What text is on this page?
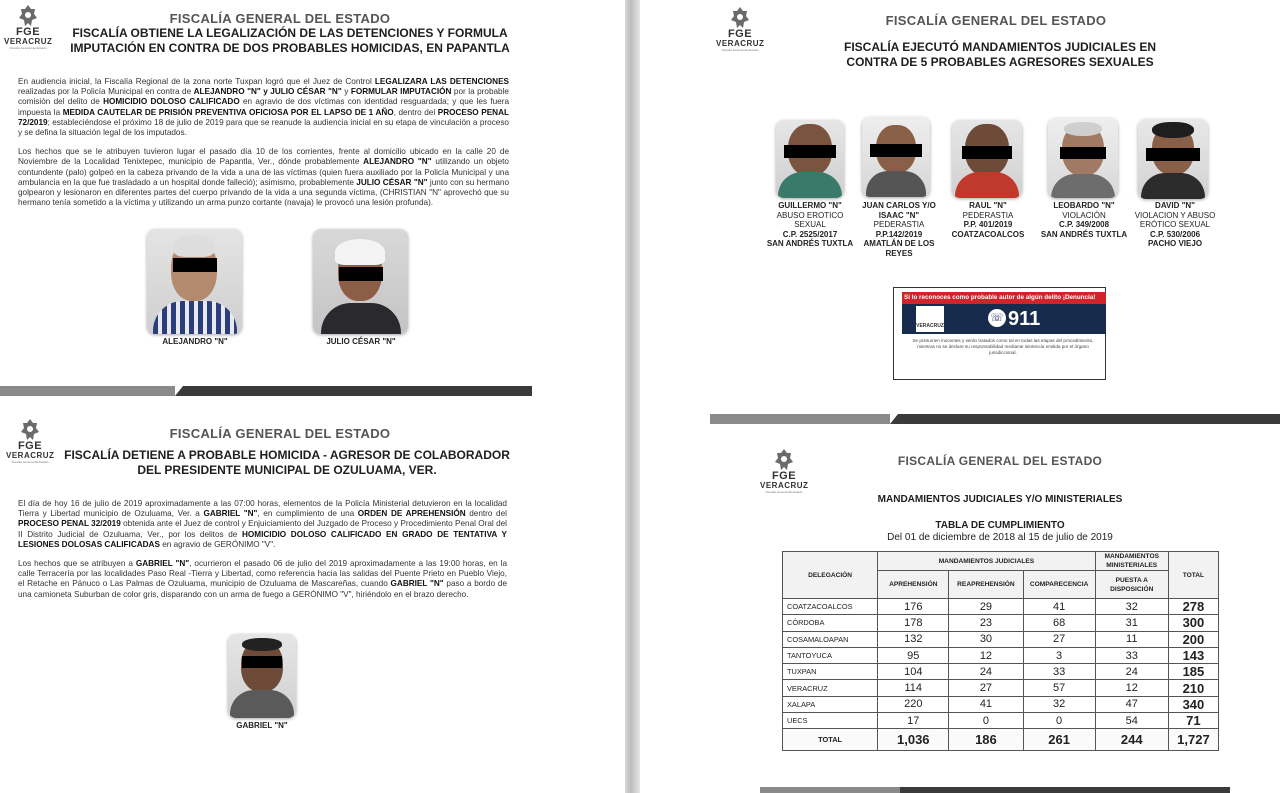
FGE
VERACRUZ
Fiscalía General del Estado
FISCALÍA GENERAL DEL ESTADO
FISCALÍA OBTIENE LA LEGALIZACIÓN DE LAS DETENCIONES Y FORMULA IMPUTACIÓN EN CONTRA DE DOS PROBABLES HOMICIDAS, EN PAPANTLA

En audiencia inicial, la Fiscalía Regional de la zona norte Tuxpan logró que el Juez de Control LEGALIZARA LAS DETENCIONES realizadas por la Policía Municipal en contra de ALEJANDRO "N" y JULIO CÉSAR "N" y FORMULAR IMPUTACIÓN por la probable comisión del delito de HOMICIDIO DOLOSO CALIFICADO en agravio de dos víctimas con identidad resguardada; y que les fuera impuesta la MEDIDA CAUTELAR DE PRISIÓN PREVENTIVA OFICIOSA POR EL LAPSO DE 1 AÑO, dentro del PROCESO PENAL 72/2019; estableciéndose el próximo 18 de julio de 2019 para que se reanude la audiencia inicial en su etapa de vinculación a proceso y se defina la situación legal de los imputados.

Los hechos que se le atribuyen tuvieron lugar el pasado día 10 de los corrientes, frente al domicilio ubicado en la calle 20 de Noviembre de la Localidad Tenixtepec, municipio de Papantla, Ver., dónde probablemente ALEJANDRO "N" utilizando un objeto contundente (palo) golpeó en la cabeza privando de la vida a una de las víctimas (quien fuera auxiliado por la Policía Municipal y una ambulancia en la que fue trasladado a un hospital donde falleció); asimismo, probablemente JULIO CÉSAR "N" junto con su hermano golpearon y lesionaron en diferentes partes del cuerpo privando de la vida a una segunda víctima, (CHRISTIAN "N" aprovechó que su hermano tenía sometido a la víctima y utilizando un arma punzo cortante (navaja) le provocó una lesión profunda).

ALEJANDRO "N"	JULIO CÉSAR "N"
FGE
VERACRUZ
Fiscalía General del Estado
FISCALÍA GENERAL DEL ESTADO
FISCALÍA EJECUTÓ MANDAMIENTOS JUDICIALES EN CONTRA DE 5 PROBABLES AGRESORES SEXUALES
GUILLERMO "N"
ABUSO EROTICO SEXUAL
C.P. 2525/2017
SAN ANDRÉS TUXTLA
JUAN CARLOS Y/O ISAAC "N"
PEDERASTIA
P.P.142/2019
AMATLÁN DE LOS REYES
RAUL "N"
PEDERASTIA
P.P. 401/2019
COATZACOALCOS
LEOBARDO "N"
VIOLACIÓN
C.P. 349/2008
SAN ANDRÉS TUXTLA
DAVID "N"
VIOLACION Y ABUSO ERÓTICO SEXUAL
C.P. 530/2006
PACHO VIEJO
Si lo reconoces como probable autor de algún delito ¡Denuncia!
VERACRUZ
☏ 911
Se presumen inocentes y serán tratados como tal en todas las etapas del procedimiento, mientras no se declare su responsabilidad mediante sentencia emitida por el órgano jurisdiccional.
FGE
VERACRUZ
Fiscalía General del Estado
FISCALÍA GENERAL DEL ESTADO
FISCALÍA DETIENE A PROBABLE HOMICIDA - AGRESOR DE COLABORADOR DEL PRESIDENTE MUNICIPAL DE OZULUAMA, VER.

El día de hoy 16 de julio de 2019 aproximadamente a las 07:00 horas, elementos de la Policía Ministerial detuvieron en la localidad Tierra y Libertad municipio de Ozuluama, Ver. a GABRIEL "N", en cumplimiento de una ORDEN DE APREHENSIÓN dentro del PROCESO PENAL 32/2019 obtenida ante el Juez de control y Enjuiciamiento del Juzgado de Proceso y Procedimiento Penal Oral del II Distrito Judicial de Ozuluama, Ver., por los delitos de HOMICIDIO DOLOSO CALIFICADO EN GRADO DE TENTATIVA Y LESIONES DOLOSAS CALIFICADAS en agravio de GERÓNIMO "V".

Los hechos que se atribuyen a GABRIEL "N", ocurrieron el pasado 06 de julio del 2019 aproximadamente a las 19:00 horas, en la calle Terracería por las localidades Paso Real -Tierra y Libertad, como referencia hacia las salidas del Puente Prieto en Pueblo Viejo, el Retache en Pánuco o Las Palmas de Ozuluama, municipio de Ozuluama de Mascareñas, cuando GABRIEL "N" paso a bordo de una camioneta Suburban de color gris, disparando con un arma de fuego a GERÓNIMO "V", hiriéndolo en el brazo derecho.

GABRIEL "N"
FGE
VERACRUZ
Fiscalía General del Estado
FISCALÍA GENERAL DEL ESTADO
MANDAMIENTOS JUDICIALES Y/O MINISTERIALES
TABLA DE CUMPLIMIENTO
Del 01 de diciembre de 2018 al 15 de julio de 2019
DELEGACIÓN	MANDAMIENTOS JUDICIALES			MANDAMIENTOS MINISTERIALES	TOTAL
	APREHENSIÓN	REAPREHENSIÓN	COMPARECENCIA	PUESTA A DISPOSICIÓN	
COATZACOALCOS	176	29	41	32	278
CÓRDOBA	178	23	68	31	300
COSAMALOAPAN	132	30	27	11	200
TANTOYUCA	95	12	3	33	143
TUXPAN	104	24	33	24	185
VERACRUZ	114	27	57	12	210
XALAPA	220	41	32	47	340
UECS	17	0	0	54	71
TOTAL	1,036	186	261	244	1,727
